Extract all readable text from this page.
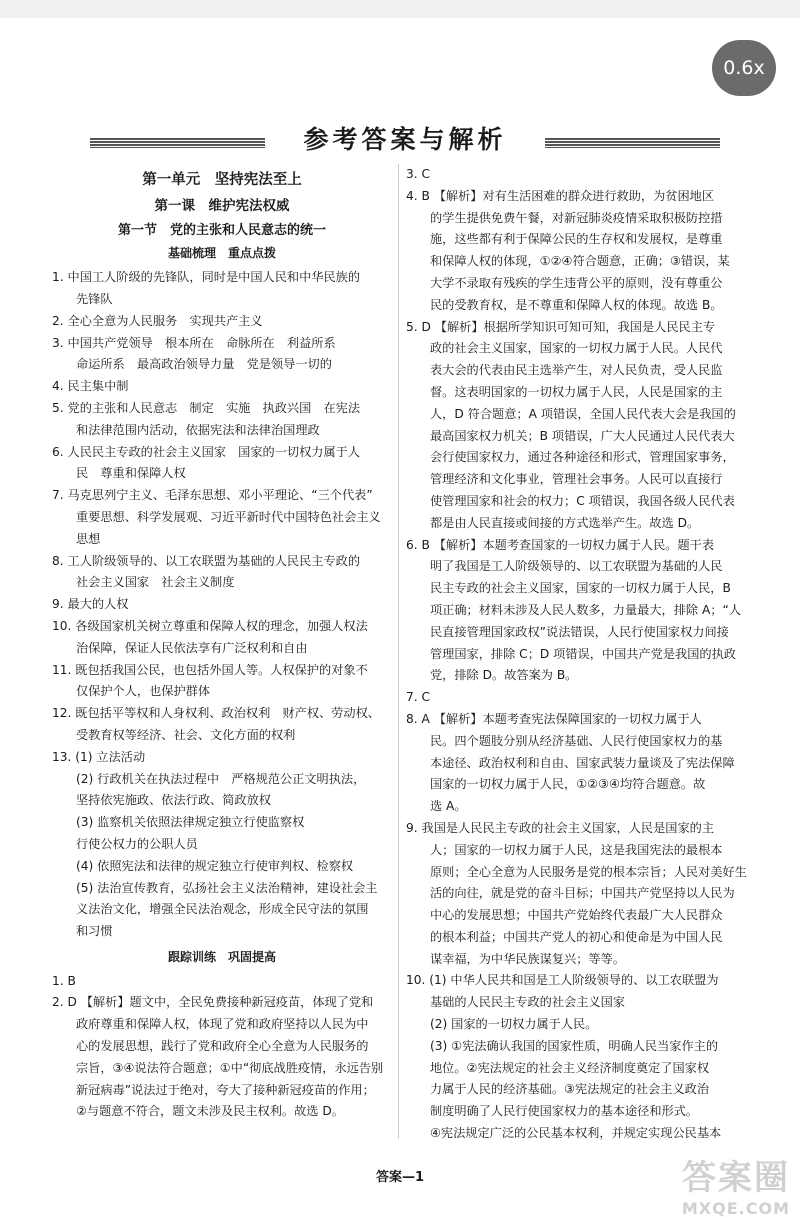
0.6x
参考答案与解析
第一单元　坚持宪法至上
第一课　维护宪法权威
第一节　党的主张和人民意志的统一
基础梳理　重点点拨
1. 中国工人阶级的先锋队，同时是中国人民和中华民族的
先锋队
2. 全心全意为人民服务　实现共产主义
3. 中国共产党领导　根本所在　命脉所在　利益所系
命运所系　最高政治领导力量　党是领导一切的
4. 民主集中制
5. 党的主张和人民意志　制定　实施　执政兴国　在宪法
和法律范围内活动，依据宪法和法律治国理政
6. 人民民主专政的社会主义国家　国家的一切权力属于人
民　尊重和保障人权
7. 马克思列宁主义、毛泽东思想、邓小平理论、“三个代表”
重要思想、科学发展观、习近平新时代中国特色社会主义
思想
8. 工人阶级领导的、以工农联盟为基础的人民民主专政的
社会主义国家　社会主义制度
9. 最大的人权
10. 各级国家机关树立尊重和保障人权的理念，加强人权法
治保障，保证人民依法享有广泛权利和自由
11. 既包括我国公民，也包括外国人等。人权保护的对象不
仅保护个人，也保护群体
12. 既包括平等权和人身权利、政治权利　财产权、劳动权、
受教育权等经济、社会、文化方面的权利
13. (1) 立法活动
(2) 行政机关在执法过程中　严格规范公正文明执法，
坚持依宪施政、依法行政、简政放权
(3) 监察机关依照法律规定独立行使监察权
行使公权力的公职人员
(4) 依照宪法和法律的规定独立行使审判权、检察权
(5) 法治宣传教育，弘扬社会主义法治精神，建设社会主
义法治文化，增强全民法治观念，形成全民守法的氛围
和习惯
跟踪训练　巩固提高
1. B
2. D 【解析】题文中，全民免费接种新冠疫苗，体现了党和
政府尊重和保障人权，体现了党和政府坚持以人民为中
心的发展思想，践行了党和政府全心全意为人民服务的
宗旨，③④说法符合题意；①中“彻底战胜疫情，永远告别
新冠病毒”说法过于绝对，夸大了接种新冠疫苗的作用；
②与题意不符合，题文未涉及民主权利。故选 D。
3. C
4. B 【解析】对有生活困难的群众进行救助，为贫困地区
的学生提供免费午餐，对新冠肺炎疫情采取积极防控措
施，这些都有利于保障公民的生存权和发展权，是尊重
和保障人权的体现，①②④符合题意，正确；③错误，某
大学不录取有残疾的学生违背公平的原则，没有尊重公
民的受教育权，是不尊重和保障人权的体现。故选 B。
5. D 【解析】根据所学知识可知可知，我国是人民民主专
政的社会主义国家，国家的一切权力属于人民。人民代
表大会的代表由民主选举产生，对人民负责，受人民监
督。这表明国家的一切权力属于人民，人民是国家的主
人，D 符合题意；A 项错误，全国人民代表大会是我国的
最高国家权力机关；B 项错误，广大人民通过人民代表大
会行使国家权力，通过各种途径和形式，管理国家事务，
管理经济和文化事业，管理社会事务。人民可以直接行
使管理国家和社会的权力；C 项错误，我国各级人民代表
都是由人民直接或间接的方式选举产生。故选 D。
6. B 【解析】本题考查国家的一切权力属于人民。题干表
明了我国是工人阶级领导的、以工农联盟为基础的人民
民主专政的社会主义国家，国家的一切权力属于人民，B
项正确；材料未涉及人民人数多，力量最大，排除 A；“人
民直接管理国家政权”说法错误，人民行使国家权力间接
管理国家，排除 C；D 项错误，中国共产党是我国的执政
党，排除 D。故答案为 B。
7. C
8. A 【解析】本题考查宪法保障国家的一切权力属于人
民。四个题肢分别从经济基础、人民行使国家权力的基
本途径、政治权利和自由、国家武装力量谈及了宪法保障
国家的一切权力属于人民，①②③④均符合题意。故
选 A。
9. 我国是人民民主专政的社会主义国家，人民是国家的主
人；国家的一切权力属于人民，这是我国宪法的最根本
原则；全心全意为人民服务是党的根本宗旨；人民对美好生
活的向往，就是党的奋斗目标；中国共产党坚持以人民为
中心的发展思想；中国共产党始终代表最广大人民群众
的根本利益；中国共产党人的初心和使命是为中国人民
谋幸福，为中华民族谋复兴；等等。
10. (1) 中华人民共和国是工人阶级领导的、以工农联盟为
基础的人民民主专政的社会主义国家
(2) 国家的一切权力属于人民。
(3) ①宪法确认我国的国家性质，明确人民当家作主的
地位。②宪法规定的社会主义经济制度奠定了国家权
力属于人民的经济基础。③宪法规定的社会主义政治
制度明确了人民行使国家权力的基本途径和形式。
④宪法规定广泛的公民基本权利，并规定实现公民基本
答案—1	答案圈
MXQE.COM
